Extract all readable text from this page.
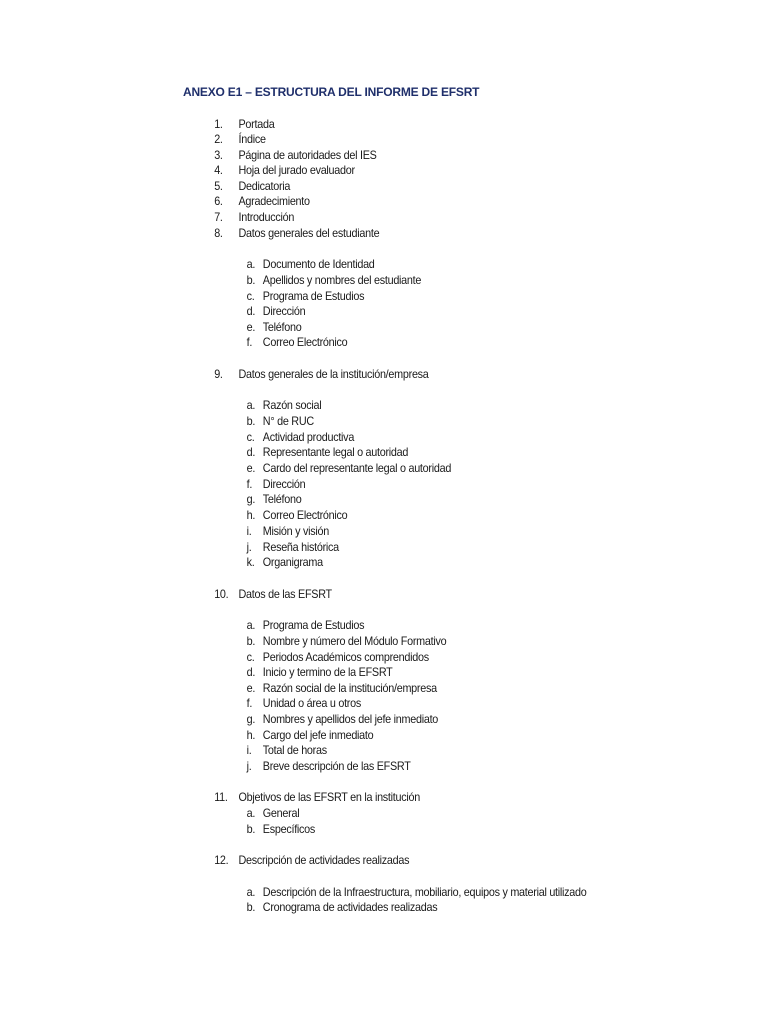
ANEXO E1 – ESTRUCTURA DEL INFORME DE EFSRT
1.	Portada
2.	Índice
3.	Página de autoridades del IES
4.	Hoja del jurado evaluador
5.	Dedicatoria
6.	Agradecimiento
7.	Introducción
8.	Datos generales del estudiante
a. Documento de Identidad
b. Apellidos y nombres del estudiante
c. Programa de Estudios
d. Dirección
e. Teléfono
f. Correo Electrónico
9.	Datos generales de la institución/empresa
a. Razón social
b. N° de RUC
c. Actividad productiva
d. Representante legal o autoridad
e. Cardo del representante legal o autoridad
f. Dirección
g. Teléfono
h. Correo Electrónico
i. Misión y visión
j. Reseña histórica
k. Organigrama
10. Datos de las EFSRT
a. Programa de Estudios
b. Nombre y número del Módulo Formativo
c. Periodos Académicos comprendidos
d. Inicio y termino de la EFSRT
e. Razón social de la institución/empresa
f. Unidad o área u otros
g. Nombres y apellidos del jefe inmediato
h. Cargo del jefe inmediato
i. Total de horas
j. Breve descripción de las EFSRT
11. Objetivos de las EFSRT en la institución
a. General
b. Específicos
12. Descripción de actividades realizadas
a. Descripción de la Infraestructura, mobiliario, equipos y material utilizado
b. Cronograma de actividades realizadas
